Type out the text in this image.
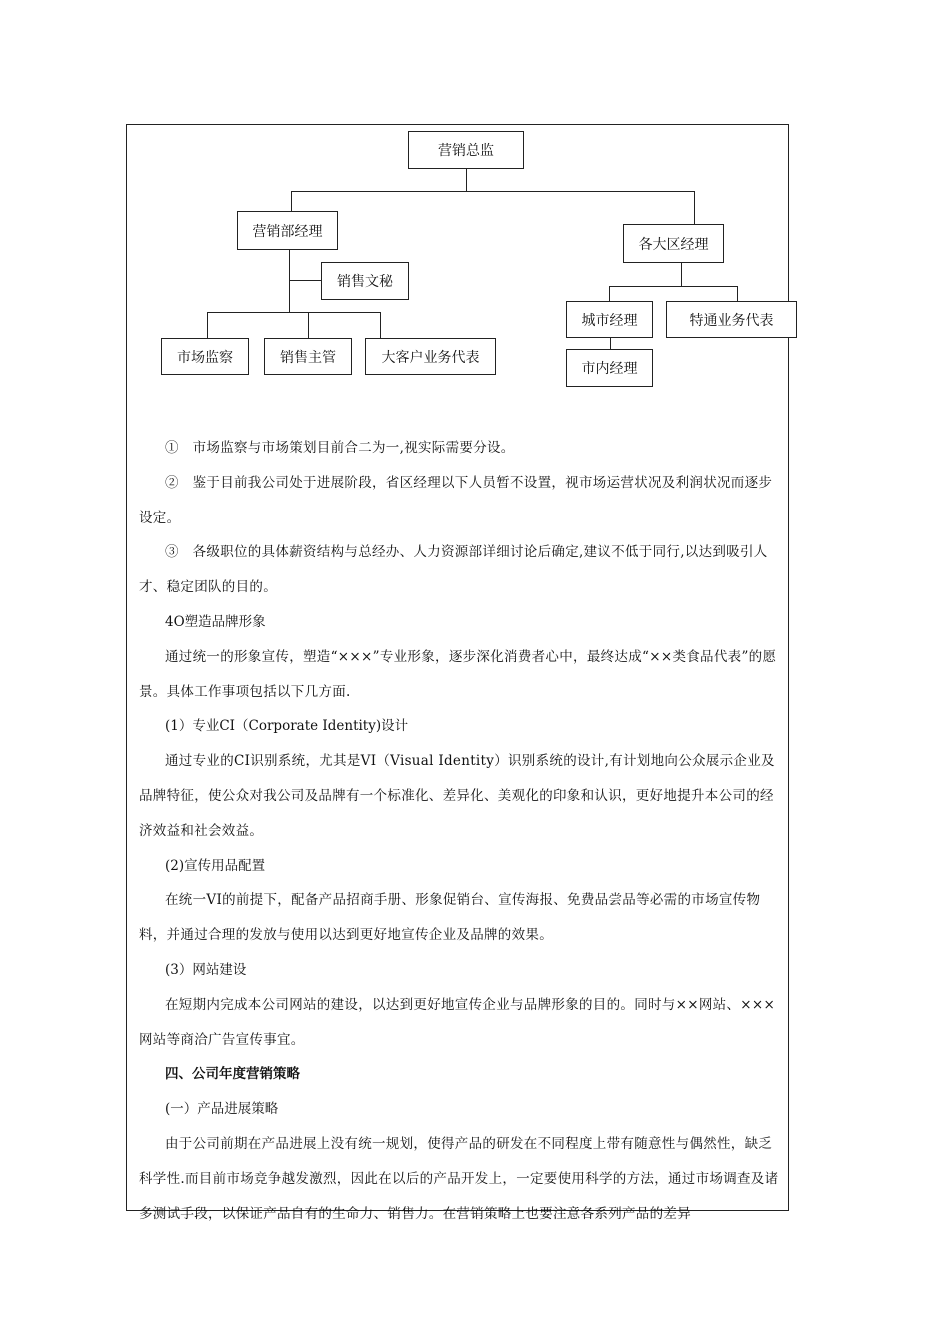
营销总监
营销部经理
销售文秘
市场监察	销售主管	大客户业务代表
各大区经理
城市经理	特通业务代表
市内经理

①　市场监察与市场策划目前合二为一,视实际需要分设。

②　鉴于目前我公司处于进展阶段，省区经理以下人员暂不设置，视市场运营状况及利润状况而逐步设定。

③　各级职位的具体薪资结构与总经办、人力资源部详细讨论后确定,建议不低于同行,以达到吸引人才、稳定团队的目的。

4O塑造品牌形象

通过统一的形象宣传，塑造“×××”专业形象，逐步深化消费者心中，最终达成“××类食品代表”的愿景。具体工作事项包括以下几方面.

(1）专业CI（Corporate Identity)设计

通过专业的CI识别系统，尤其是VI（Visual Identity）识别系统的设计,有计划地向公众展示企业及品牌特征，使公众对我公司及品牌有一个标准化、差异化、美观化的印象和认识，更好地提升本公司的经济效益和社会效益。

(2)宣传用品配置

在统一VI的前提下，配备产品招商手册、形象促销台、宣传海报、免费品尝品等必需的市场宣传物料，并通过合理的发放与使用以达到更好地宣传企业及品牌的效果。

(3）网站建设

在短期内完成本公司网站的建设，以达到更好地宣传企业与品牌形象的目的。同时与××网站、×××网站等商洽广告宣传事宜。

四、公司年度营销策略

(一）产品进展策略

由于公司前期在产品进展上没有统一规划，使得产品的研发在不同程度上带有随意性与偶然性，缺乏科学性.而目前市场竞争越发激烈，因此在以后的产品开发上，一定要使用科学的方法，通过市场调查及诸多测试手段，以保证产品自有的生命力、销售力。在营销策略上也要注意各系列产品的差异
